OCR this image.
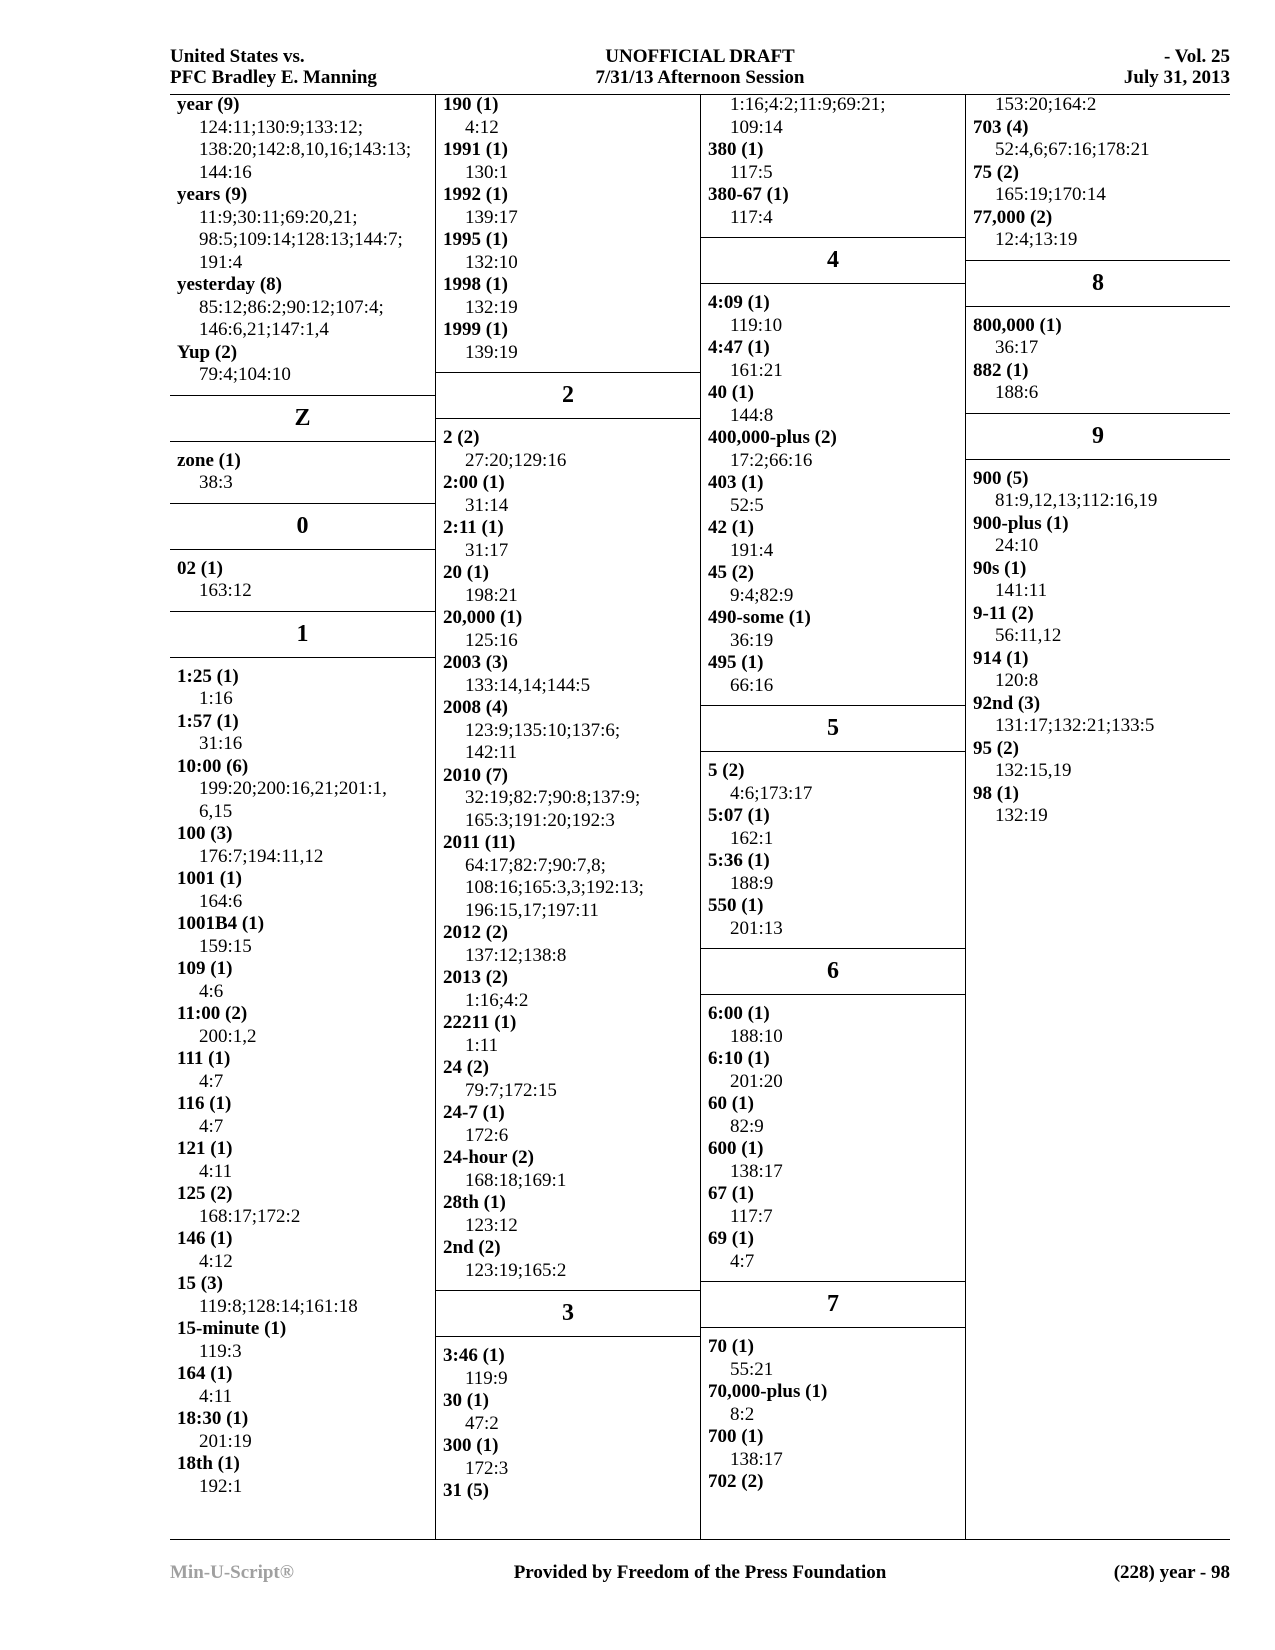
United States vs.
PFC Bradley E. Manning
UNOFFICIAL DRAFT
7/31/13 Afternoon Session
- Vol. 25
July 31, 2013
year (9)
124:11;130:9;133:12;
138:20;142:8,10,16;143:13;
144:16
years (9)
11:9;30:11;69:20,21;
98:5;109:14;128:13;144:7;
191:4
yesterday (8)
85:12;86:2;90:12;107:4;
146:6,21;147:1,4
Yup (2)
79:4;104:10
Z
zone (1)
38:3
0
02 (1)
163:12
1
1:25 (1)
1:16
1:57 (1)
31:16
10:00 (6)
199:20;200:16,21;201:1,
6,15
100 (3)
176:7;194:11,12
1001 (1)
164:6
1001B4 (1)
159:15
109 (1)
4:6
11:00 (2)
200:1,2
111 (1)
4:7
116 (1)
4:7
121 (1)
4:11
125 (2)
168:17;172:2
146 (1)
4:12
15 (3)
119:8;128:14;161:18
15-minute (1)
119:3
164 (1)
4:11
18:30 (1)
201:19
18th (1)
192:1
190 (1)
4:12
1991 (1)
130:1
1992 (1)
139:17
1995 (1)
132:10
1998 (1)
132:19
1999 (1)
139:19
2
2 (2)
27:20;129:16
2:00 (1)
31:14
2:11 (1)
31:17
20 (1)
198:21
20,000 (1)
125:16
2003 (3)
133:14,14;144:5
2008 (4)
123:9;135:10;137:6;
142:11
2010 (7)
32:19;82:7;90:8;137:9;
165:3;191:20;192:3
2011 (11)
64:17;82:7;90:7,8;
108:16;165:3,3;192:13;
196:15,17;197:11
2012 (2)
137:12;138:8
2013 (2)
1:16;4:2
22211 (1)
1:11
24 (2)
79:7;172:15
24-7 (1)
172:6
24-hour (2)
168:18;169:1
28th (1)
123:12
2nd (2)
123:19;165:2
3
3:46 (1)
119:9
30 (1)
47:2
300 (1)
172:3
31 (5)
1:16;4:2;11:9;69:21;
109:14
380 (1)
117:5
380-67 (1)
117:4
4
4:09 (1)
119:10
4:47 (1)
161:21
40 (1)
144:8
400,000-plus (2)
17:2;66:16
403 (1)
52:5
42 (1)
191:4
45 (2)
9:4;82:9
490-some (1)
36:19
495 (1)
66:16
5
5 (2)
4:6;173:17
5:07 (1)
162:1
5:36 (1)
188:9
550 (1)
201:13
6
6:00 (1)
188:10
6:10 (1)
201:20
60 (1)
82:9
600 (1)
138:17
67 (1)
117:7
69 (1)
4:7
7
70 (1)
55:21
70,000-plus (1)
8:2
700 (1)
138:17
702 (2)
153:20;164:2
703 (4)
52:4,6;67:16;178:21
75 (2)
165:19;170:14
77,000 (2)
12:4;13:19
8
800,000 (1)
36:17
882 (1)
188:6
9
900 (5)
81:9,12,13;112:16,19
900-plus (1)
24:10
90s (1)
141:11
9-11 (2)
56:11,12
914 (1)
120:8
92nd (3)
131:17;132:21;133:5
95 (2)
132:15,19
98 (1)
132:19
Min-U-Script®	Provided by Freedom of the Press Foundation	(228) year - 98
